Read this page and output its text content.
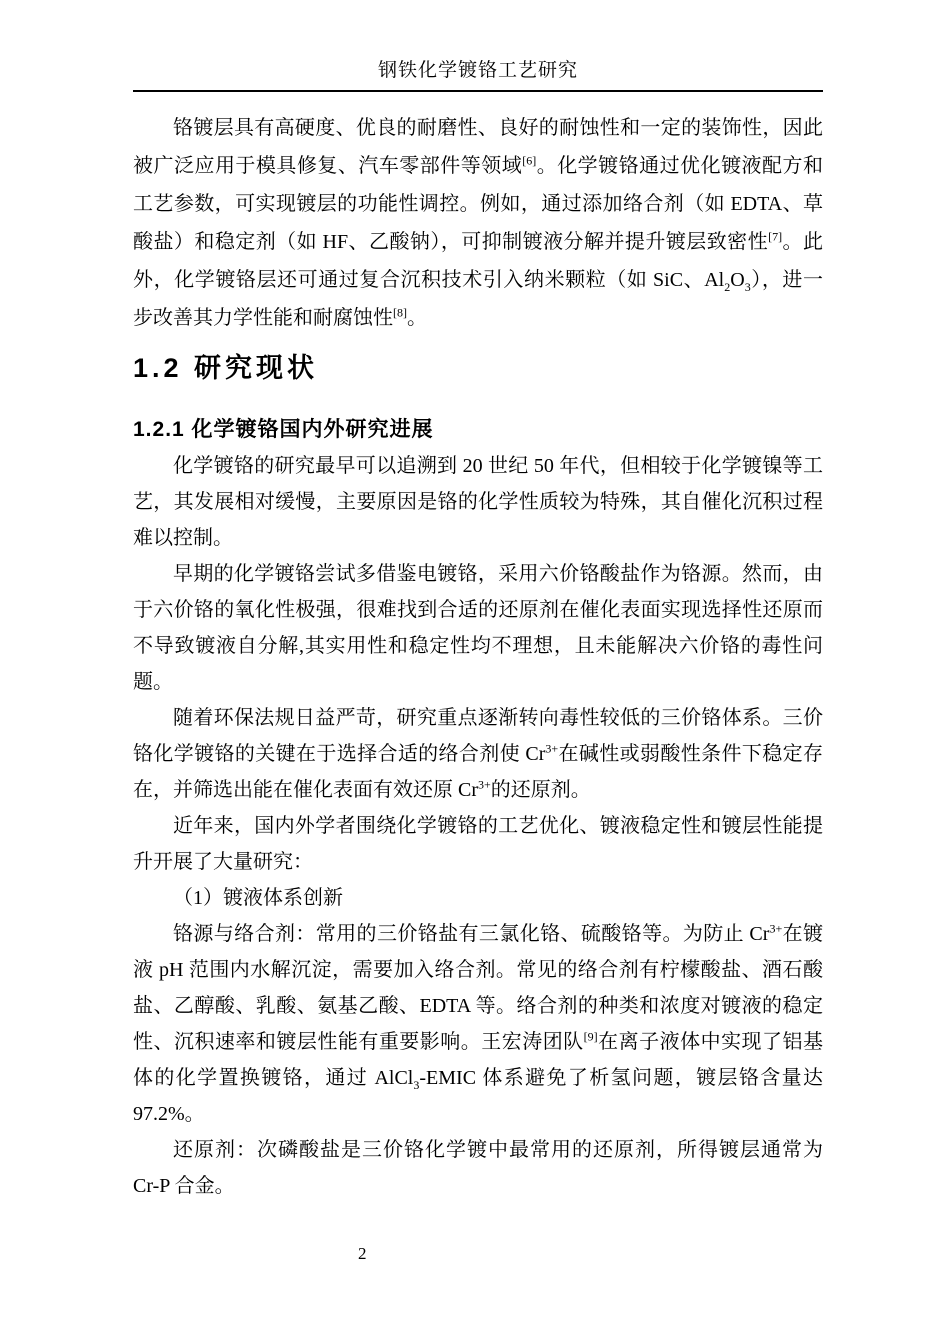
钢铁化学镀铬工艺研究

铬镀层具有高硬度、优良的耐磨性、良好的耐蚀性和一定的装饰性，因此被广泛应用于模具修复、汽车零部件等领域[6]。化学镀铬通过优化镀液配方和工艺参数，可实现镀层的功能性调控。例如，通过添加络合剂（如 EDTA、草酸盐）和稳定剂（如 HF、乙酸钠），可抑制镀液分解并提升镀层致密性[7]。此外，化学镀铬层还可通过复合沉积技术引入纳米颗粒（如 SiC、$Al_2O_3$），进一步改善其力学性能和耐腐蚀性[8]。

1.2 研究现状
1.2.1 化学镀铬国内外研究进展

化学镀铬的研究最早可以追溯到 20 世纪 50 年代，但相较于化学镀镍等工艺，其发展相对缓慢，主要原因是铬的化学性质较为特殊，其自催化沉积过程难以控制。

早期的化学镀铬尝试多借鉴电镀铬，采用六价铬酸盐作为铬源。然而，由于六价铬的氧化性极强，很难找到合适的还原剂在催化表面实现选择性还原而不导致镀液自分解,其实用性和稳定性均不理想，且未能解决六价铬的毒性问题。

随着环保法规日益严苛，研究重点逐渐转向毒性较低的三价铬体系。三价铬化学镀铬的关键在于选择合适的络合剂使 $Cr^{3+}$在碱性或弱酸性条件下稳定存在，并筛选出能在催化表面有效还原 $Cr^{3+}$的还原剂。

近年来，国内外学者围绕化学镀铬的工艺优化、镀液稳定性和镀层性能提升开展了大量研究：

（1）镀液体系创新

铬源与络合剂：常用的三价铬盐有三氯化铬、硫酸铬等。为防止 $Cr^{3+}$在镀液 pH 范围内水解沉淀，需要加入络合剂。常见的络合剂有柠檬酸盐、酒石酸盐、乙醇酸、乳酸、氨基乙酸、EDTA 等。络合剂的种类和浓度对镀液的稳定性、沉积速率和镀层性能有重要影响。王宏涛团队[9]在离子液体中实现了铝基体的化学置换镀铬，通过 AlCl$_3$-EMIC 体系避免了析氢问题，镀层铬含量达 97.2%。

还原剂：次磷酸盐是三价铬化学镀中最常用的还原剂，所得镀层通常为 Cr-P 合金。

2
